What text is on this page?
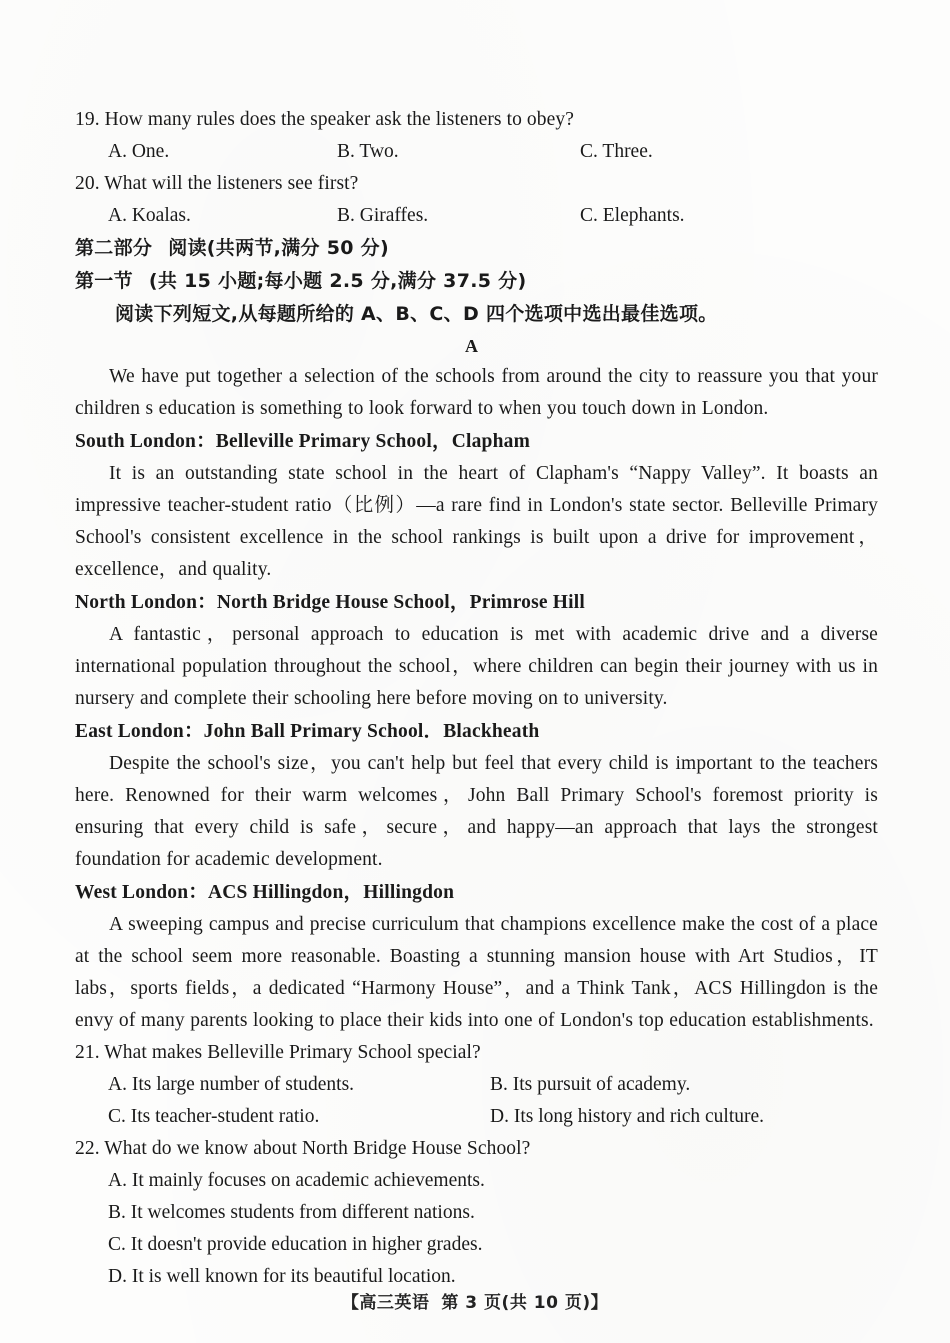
19. How many rules does the speaker ask the listeners to obey?
A. One.	B. Two.	C. Three.
20. What will the listeners see first?
A. Koalas.	B. Giraffes.	C. Elephants.
第二部分 阅读(共两节,满分 50 分)
第一节 (共 15 小题;每小题 2.5 分,满分 37.5 分)
阅读下列短文,从每题所给的 A、B、C、D 四个选项中选出最佳选项。
A
We have put together a selection of the schools from around the city to reassure you that your children s education is something to look forward to when you touch down in London.
South London：Belleville Primary School，Clapham
It is an outstanding state school in the heart of Clapham's “Nappy Valley”. It boasts an impressive teacher-student ratio（比例）—a rare find in London's state sector. Belleville Primary School's consistent excellence in the school rankings is built upon a drive for improvement，excellence，and quality.
North London：North Bridge House School，Primrose Hill
A fantastic，personal approach to education is met with academic drive and a diverse international population throughout the school，where children can begin their journey with us in nursery and complete their schooling here before moving on to university.
East London：John Ball Primary School．Blackheath
Despite the school's size，you can't help but feel that every child is important to the teachers here. Renowned for their warm welcomes，John Ball Primary School's foremost priority is ensuring that every child is safe，secure，and happy—an approach that lays the strongest foundation for academic development.
West London：ACS Hillingdon，Hillingdon
A sweeping campus and precise curriculum that champions excellence make the cost of a place at the school seem more reasonable. Boasting a stunning mansion house with Art Studios，IT labs，sports fields，a dedicated “Harmony House”，and a Think Tank，ACS Hillingdon is the envy of many parents looking to place their kids into one of London's top education establishments.
21. What makes Belleville Primary School special?
A. Its large number of students.	B. Its pursuit of academy.
C. Its teacher-student ratio.	D. Its long history and rich culture.
22. What do we know about North Bridge House School?
A. It mainly focuses on academic achievements.
B. It welcomes students from different nations.
C. It doesn't provide education in higher grades.
D. It is well known for its beautiful location.
【高三英语 第 3 页(共 10 页)】
